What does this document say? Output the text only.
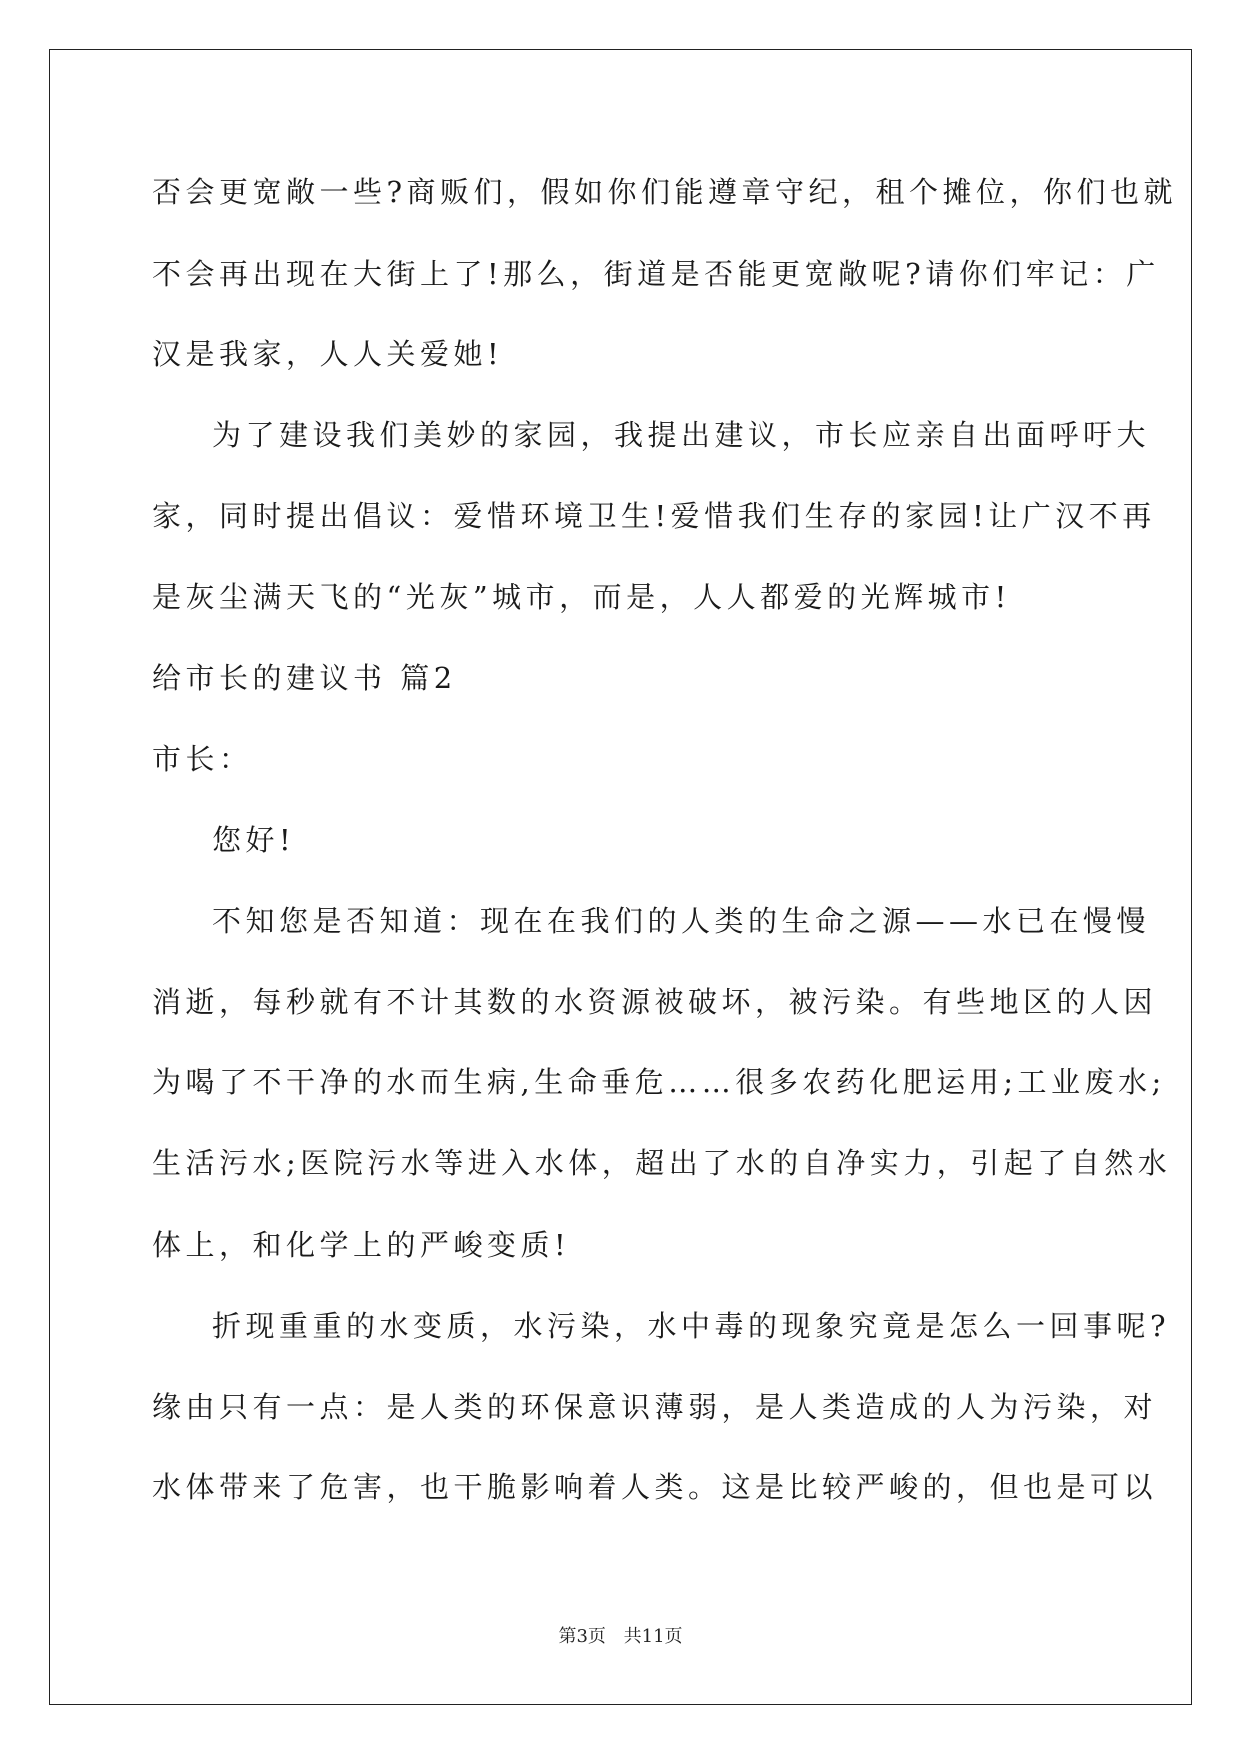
否会更宽敞一些?商贩们，假如你们能遵章守纪，租个摊位，你们也就
不会再出现在大街上了!那么，街道是否能更宽敞呢?请你们牢记：广
汉是我家，人人关爱她!
为了建设我们美妙的家园，我提出建议，市长应亲自出面呼吁大
家，同时提出倡议：爱惜环境卫生!爱惜我们生存的家园!让广汉不再
是灰尘满天飞的“光灰”城市，而是，人人都爱的光辉城市!
给市长的建议书 篇2
市长：
您好!
不知您是否知道：现在在我们的人类的生命之源——水已在慢慢
消逝，每秒就有不计其数的水资源被破坏，被污染。有些地区的人因
为喝了不干净的水而生病,生命垂危……很多农药化肥运用;工业废水;
生活污水;医院污水等进入水体，超出了水的自净实力，引起了自然水
体上，和化学上的严峻变质!
折现重重的水变质，水污染，水中毒的现象究竟是怎么一回事呢?
缘由只有一点：是人类的环保意识薄弱，是人类造成的人为污染，对
水体带来了危害，也干脆影响着人类。这是比较严峻的，但也是可以
第3页 共11页
